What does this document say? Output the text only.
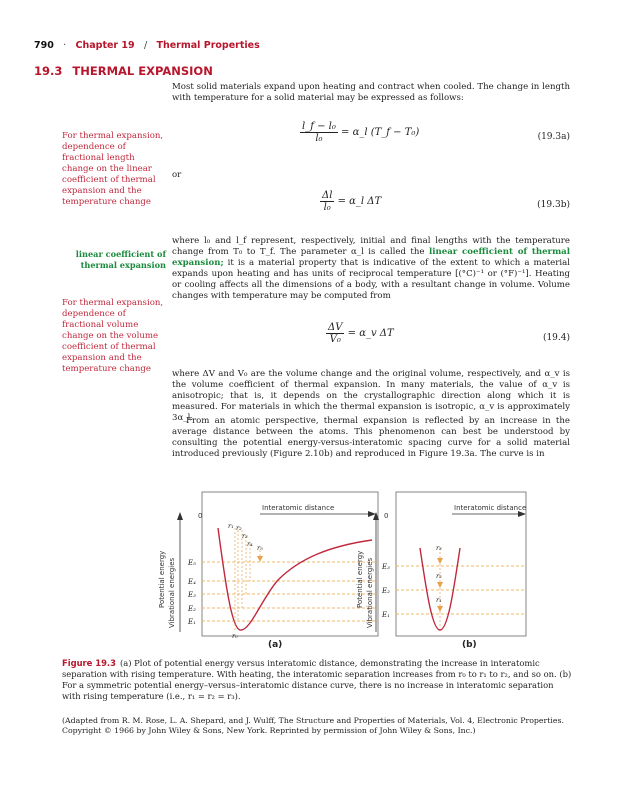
790 · Chapter 19 / Thermal Properties
19.3 THERMAL EXPANSION
Most solid materials expand upon heating and contract when cooled. The change in length with temperature for a solid material may be expressed as follows:
For thermal expansion, dependence of fractional length change on the linear coefficient of thermal expansion and the temperature change
$\frac{\text{l\_f − l₀}}{\text{l₀}}$ = α_l (T_f − T₀)	(19.3a)
or
$\frac{\Delta l}{\text{l₀}}$ = α_l ΔT	(19.3b)
where l₀ and l_f represent, respectively, initial and final lengths with the temperature change from T₀ to T_f. The parameter α_l is called the linear coefficient of thermal expansion; it is a material property that is indicative of the extent to which a material expands upon heating and has units of reciprocal temperature [(°C)⁻¹ or (°F)⁻¹]. Heating or cooling affects all the dimensions of a body, with a resultant change in volume. Volume changes with temperature may be computed from
linear coefficient of thermal expansion
For thermal expansion, dependence of fractional volume change on the volume coefficient of thermal expansion and the temperature change
$\frac{\Delta V}{\text{V₀}}$ = α_v ΔT	(19.4)
where ΔV and V₀ are the volume change and the original volume, respectively, and α_v is the volume coefficient of thermal expansion. In many materials, the value of α_v is anisotropic; that is, it depends on the crystallographic direction along which it is measured. For materials in which the thermal expansion is isotropic, α_v is approximately 3α_l.
From an atomic perspective, thermal expansion is reflected by an increase in the average distance between the atoms. This phenomenon can best be understood by consulting the potential energy-versus-interatomic spacing curve for a solid material introduced previously (Figure 2.10b) and reproduced in Figure 19.3a. The curve is in
Interatomic distance
0
Potential energy Vibrational energies E₅
E₄
E₃
E₂
E₁
r₁ r₂
r₃
r₄ r₅
r₀
(a)
Interatomic distance
0
Potential energy Vibrational energies E₃
E₂
E₁
r₃
r₂
r₁
(b)
Figure 19.3 (a) Plot of potential energy versus interatomic distance, demonstrating the increase in interatomic separation with rising temperature. With heating, the interatomic separation increases from r₀ to r₁ to r₂, and so on. (b) For a symmetric potential energy–versus–interatomic distance curve, there is no increase in interatomic separation with rising temperature (i.e., r₁ = r₂ = r₃).
(Adapted from R. M. Rose, L. A. Shepard, and J. Wulff, The Structure and Properties of Materials, Vol. 4, Electronic Properties. Copyright © 1966 by John Wiley & Sons, New York. Reprinted by permission of John Wiley & Sons, Inc.)
